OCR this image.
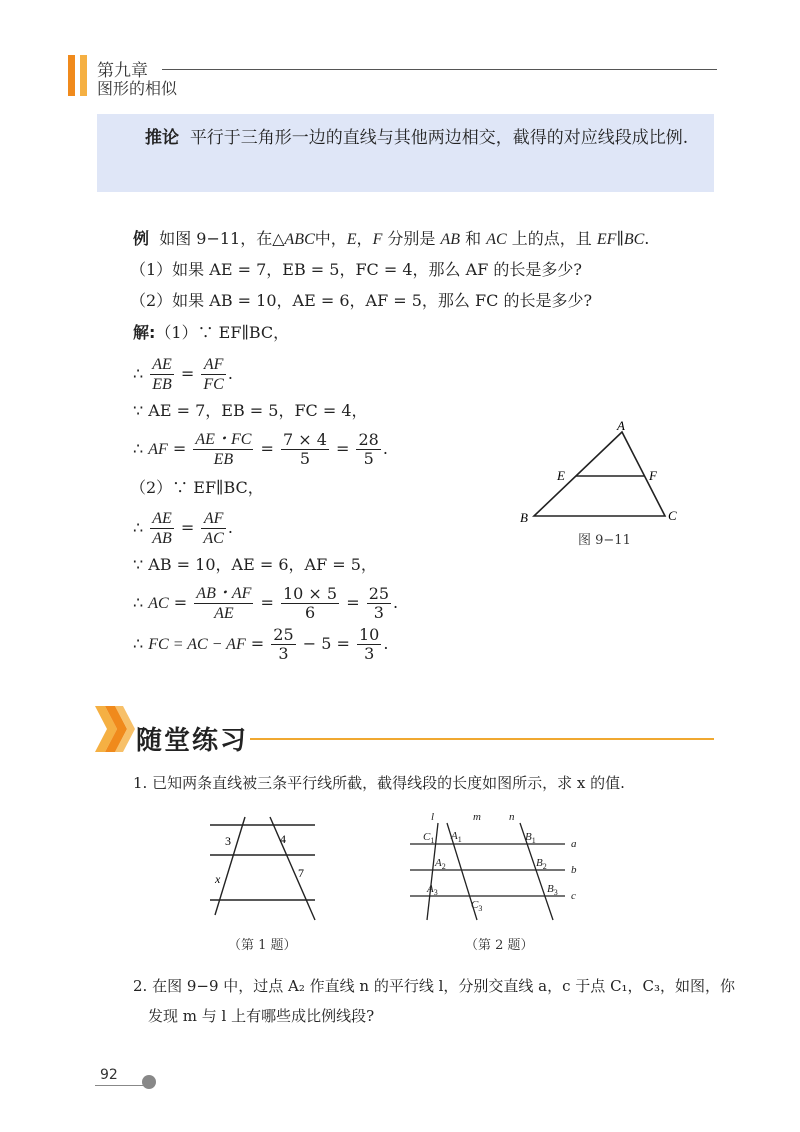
第九章
图形的相似

推论 平行于三角形一边的直线与其他两边相交，截得的对应线段成比例.

例 如图 9−11，在△ABC中，E，F 分别是 AB 和 AC 上的点，且 EF∥BC.
（1）如果 AE = 7，EB = 5，FC = 4，那么 AF 的长是多少?
（2）如果 AB = 10，AE = 6，AF = 5，那么 FC 的长是多少?
解:（1）∵ EF∥BC，
∴ $\frac{AE}{EB} = \frac{AF}{FC}$ .
∵ AE = 7，EB = 5，FC = 4，
∴ AF = $\frac{AE・FC}{EB} = \frac{7 \times 4}{5} = \frac{28}{5}$ .
（2）∵ EF∥BC，
∴ $\frac{AE}{AB} = \frac{AF}{AC}$ .
∵ AB = 10，AE = 6，AF = 5，
∴ AC = $\frac{AB・AF}{AE} = \frac{10 \times 5}{6} = \frac{25}{3}$ .
∴ FC = AC − AF = $\frac{25}{3} - 5 = \frac{10}{3}$ .
A
B	C
E	F
图 9−11
随堂练习
1. 已知两条直线被三条平行线所截，截得线段的长度如图所示，求 x 的值.
3	4
x	7
（第 1 题）
l	m	n
a
b
c
$C_1$ $A_1$	$B_1$
$A_2$	$B_2$
$A_3$	$B_3$
$C_3$
（第 2 题）
2. 在图 9−9 中，过点 A₂ 作直线 n 的平行线 l，分别交直线 a，c 于点 C₁，C₃，如图，你
发现 m 与 l 上有哪些成比例线段?
92
